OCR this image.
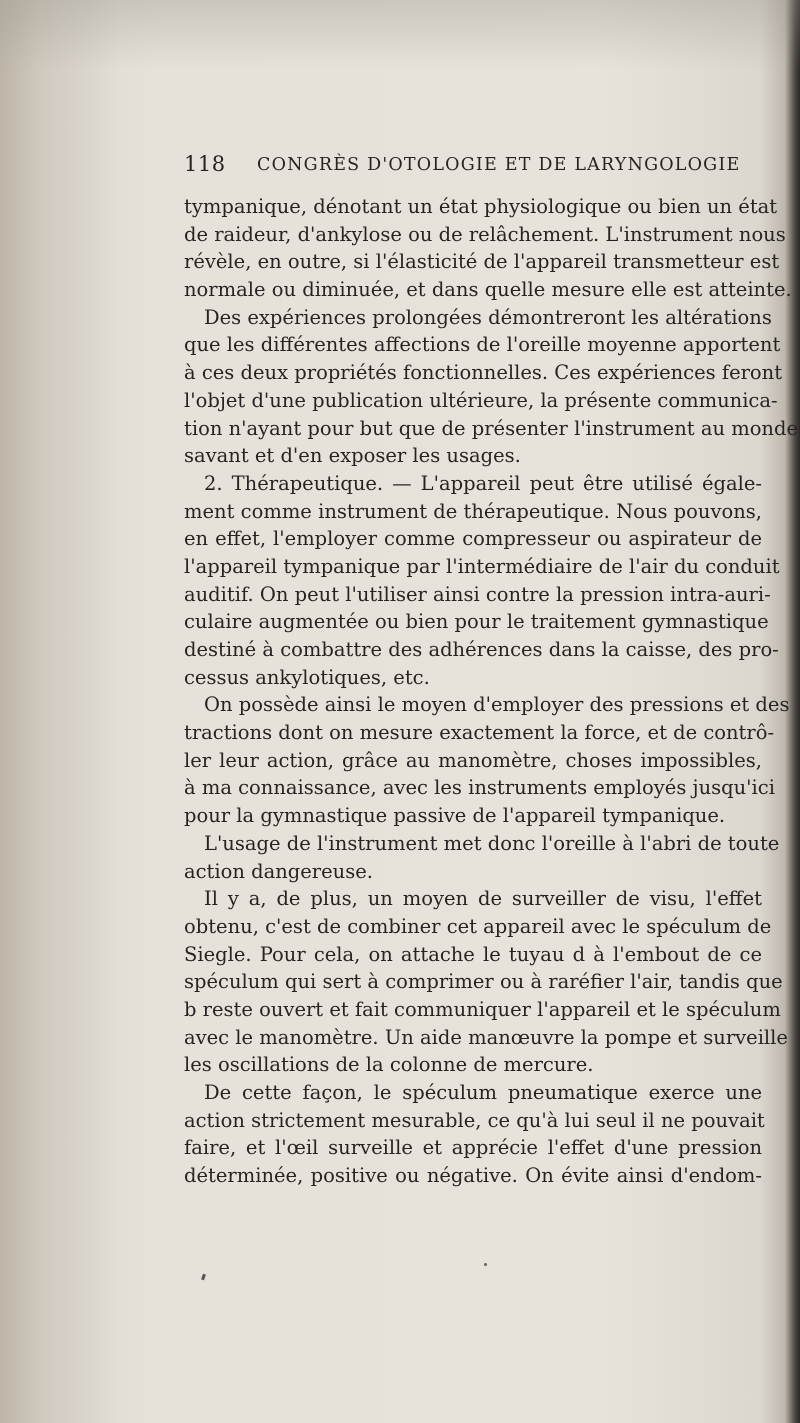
118 CONGRÈS D'OTOLOGIE ET DE LARYNGOLOGIE
tympanique, dénotant un état physiologique ou bien un état
de raideur, d'ankylose ou de relâchement. L'instrument nous
révèle, en outre, si l'élasticité de l'appareil transmetteur est
normale ou diminuée, et dans quelle mesure elle est atteinte.
Des expériences prolongées démontreront les altérations
que les différentes affections de l'oreille moyenne apportent
à ces deux propriétés fonctionnelles. Ces expériences feront
l'objet d'une publication ultérieure, la présente communica-
tion n'ayant pour but que de présenter l'instrument au monde
savant et d'en exposer les usages.
2. Thérapeutique. — L'appareil peut être utilisé égale-
ment comme instrument de thérapeutique. Nous pouvons,
en effet, l'employer comme compresseur ou aspirateur de
l'appareil tympanique par l'intermédiaire de l'air du conduit
auditif. On peut l'utiliser ainsi contre la pression intra-auri-
culaire augmentée ou bien pour le traitement gymnastique
destiné à combattre des adhérences dans la caisse, des pro-
cessus ankylotiques, etc.
On possède ainsi le moyen d'employer des pressions et des
tractions dont on mesure exactement la force, et de contrô-
ler leur action, grâce au manomètre, choses impossibles,
à ma connaissance, avec les instruments employés jusqu'ici
pour la gymnastique passive de l'appareil tympanique.
L'usage de l'instrument met donc l'oreille à l'abri de toute
action dangereuse.
Il y a, de plus, un moyen de surveiller de visu, l'effet
obtenu, c'est de combiner cet appareil avec le spéculum de
Siegle. Pour cela, on attache le tuyau d à l'embout de ce
spéculum qui sert à comprimer ou à raréfier l'air, tandis que
b reste ouvert et fait communiquer l'appareil et le spéculum
avec le manomètre. Un aide manœuvre la pompe et surveille
les oscillations de la colonne de mercure.
De cette façon, le spéculum pneumatique exerce une
action strictement mesurable, ce qu'à lui seul il ne pouvait
faire, et l'œil surveille et apprécie l'effet d'une pression
déterminée, positive ou négative. On évite ainsi d'endom-
